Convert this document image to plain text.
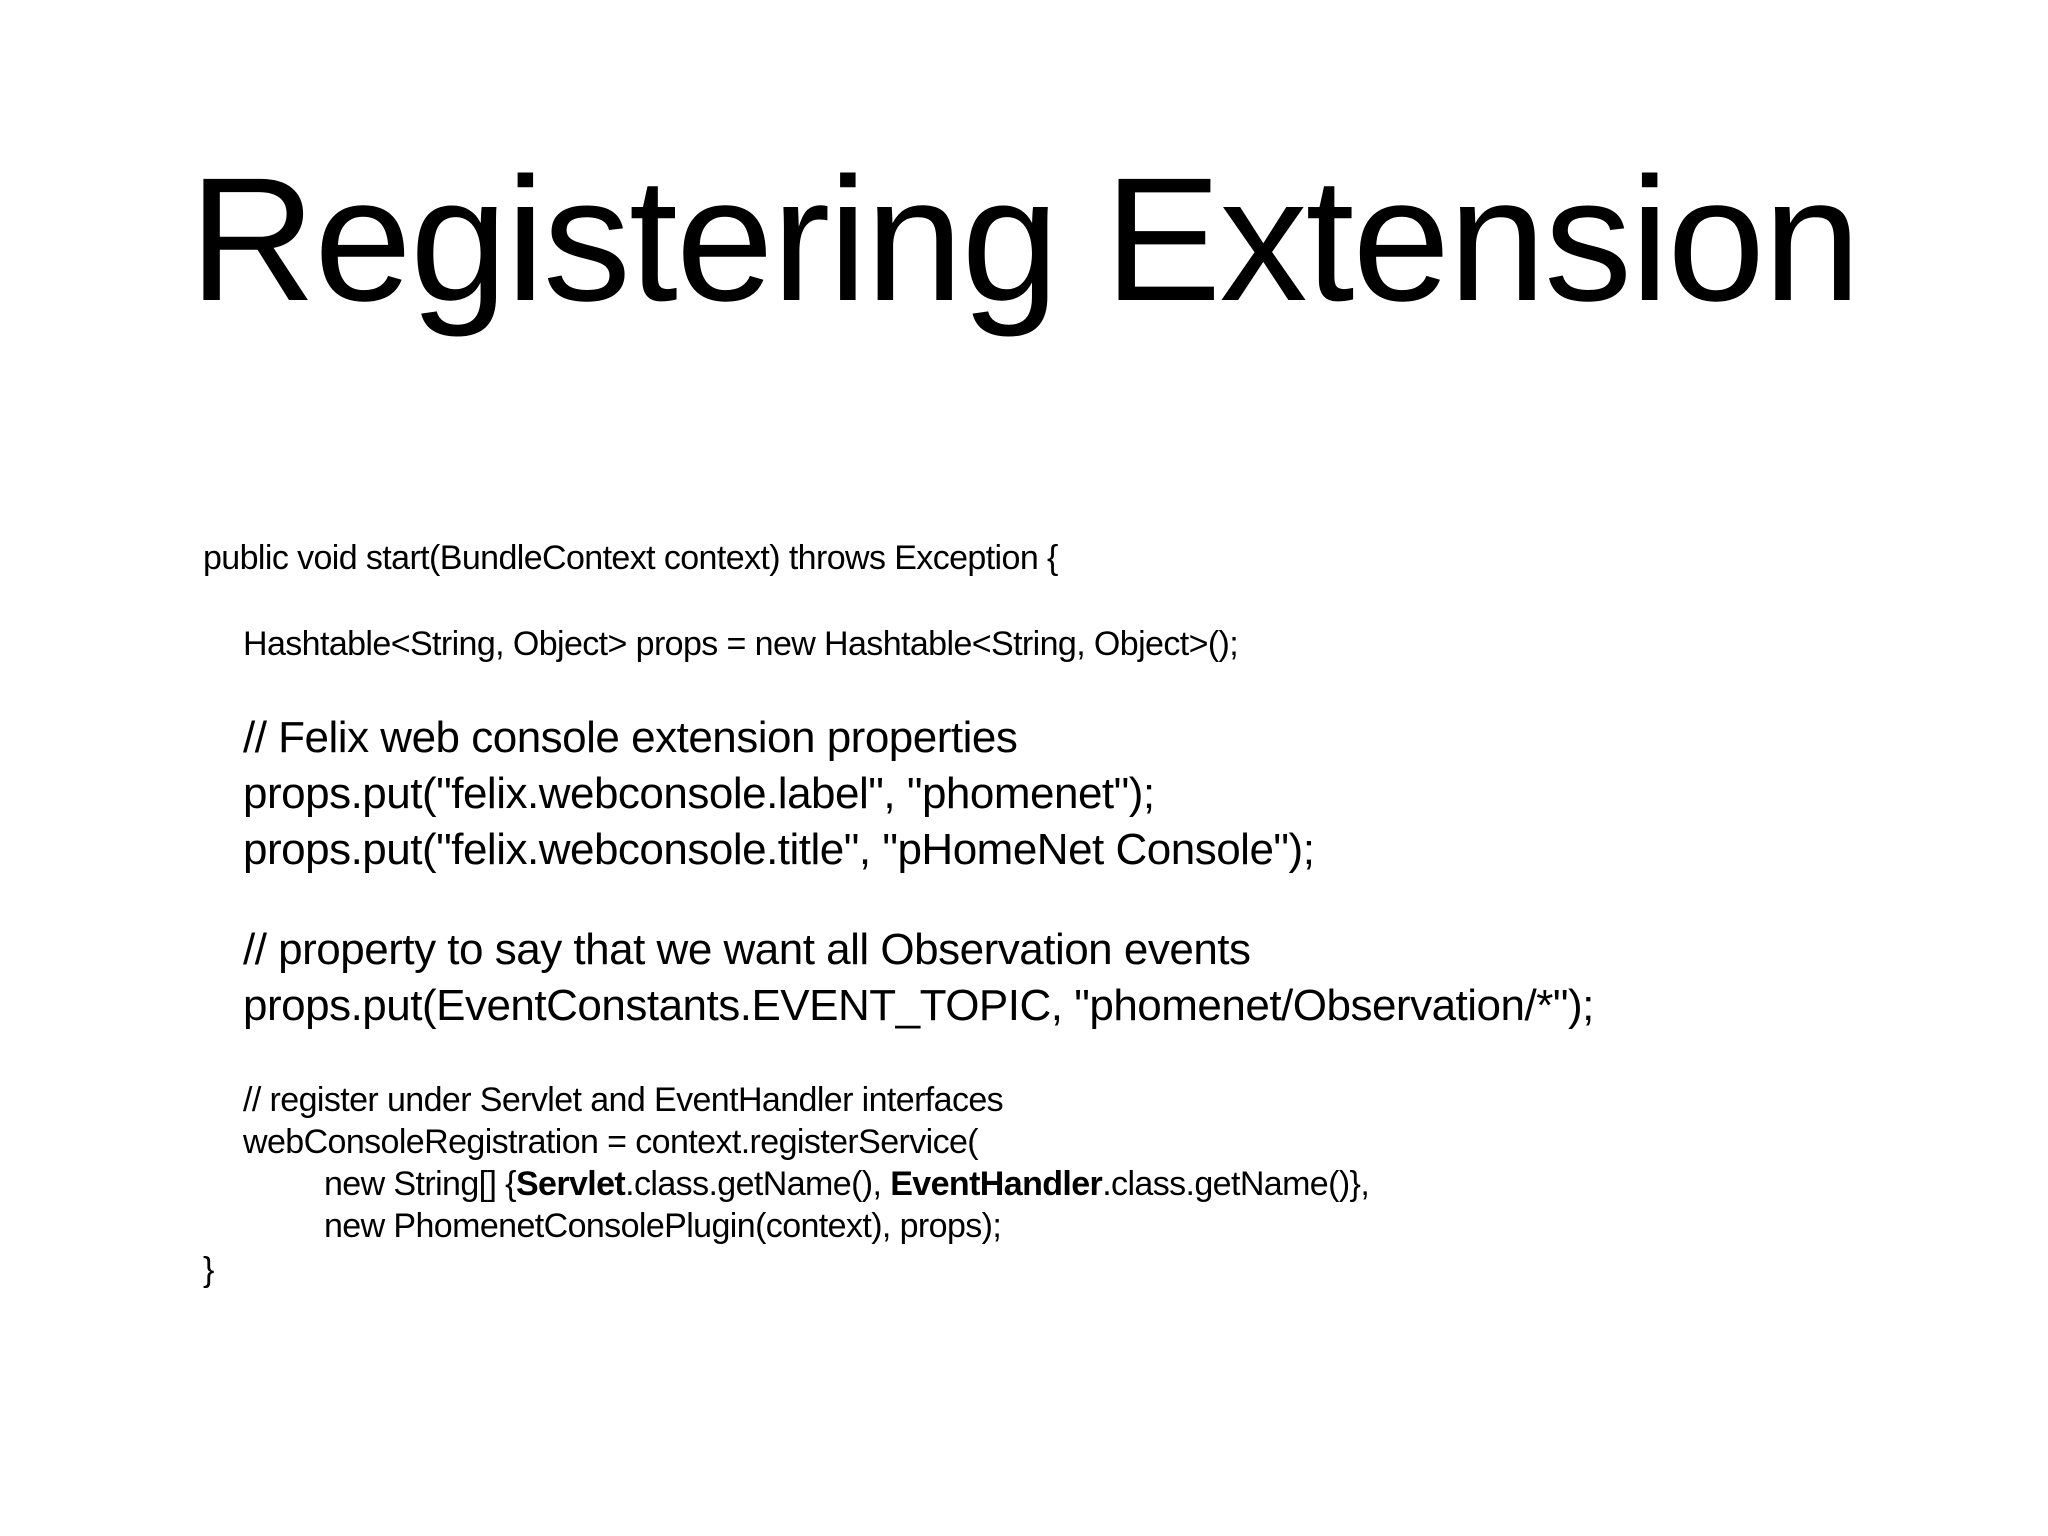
Registering Extension
public void start(BundleContext context) throws Exception {
Hashtable<String, Object> props = new Hashtable<String, Object>();
// Felix web console extension properties
props.put("felix.webconsole.label", "phomenet");
props.put("felix.webconsole.title", "pHomeNet Console");
// property to say that we want all Observation events
props.put(EventConstants.EVENT_TOPIC, "phomenet/Observation/*");
// register under Servlet and EventHandler interfaces
webConsoleRegistration = context.registerService(
new String[] {Servlet.class.getName(), EventHandler.class.getName()},
new PhomenetConsolePlugin(context), props);
}
